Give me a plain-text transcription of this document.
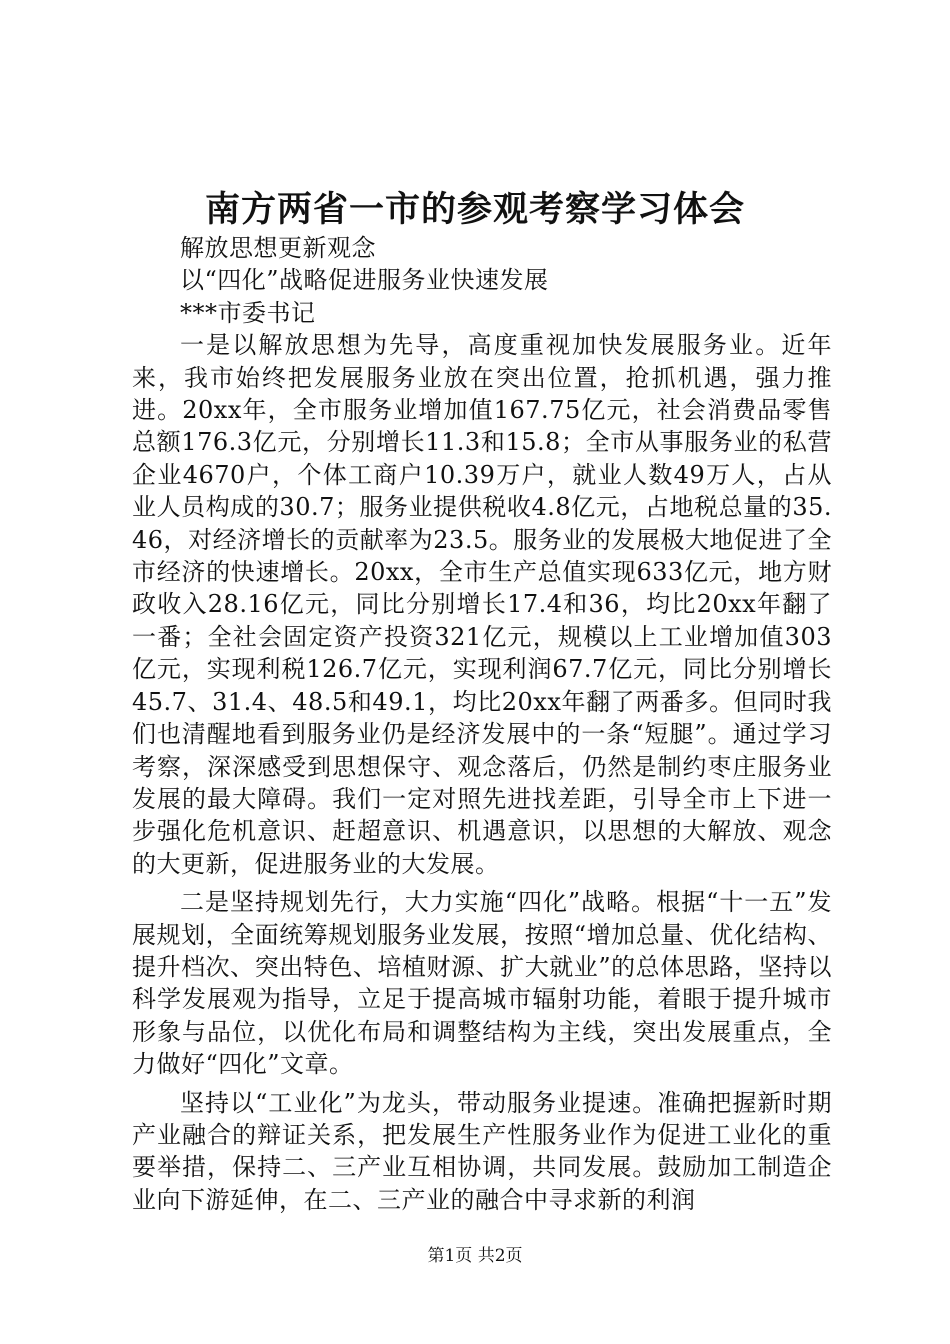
南方两省一市的参观考察学习体会

解放思想更新观念

以“四化”战略促进服务业快速发展

***市委书记

一是以解放思想为先导，高度重视加快发展服务业。近年来，我市始终把发展服务业放在突出位置，抢抓机遇，强力推进。20xx年，全市服务业增加值167.75亿元，社会消费品零售总额176.3亿元，分别增长11.3和15.8；全市从事服务业的私营企业4670户，个体工商户10.39万户，就业人数49万人，占从业人员构成的30.7；服务业提供税收4.8亿元，占地税总量的35.46，对经济增长的贡献率为23.5。服务业的发展极大地促进了全市经济的快速增长。20xx，全市生产总值实现633亿元，地方财政收入28.16亿元，同比分别增长17.4和36，均比20xx年翻了一番；全社会固定资产投资321亿元，规模以上工业增加值303亿元，实现利税126.7亿元，实现利润67.7亿元，同比分别增长45.7、31.4、48.5和49.1，均比20xx年翻了两番多。但同时我们也清醒地看到服务业仍是经济发展中的一条“短腿”。通过学习考察，深深感受到思想保守、观念落后，仍然是制约枣庄服务业发展的最大障碍。我们一定对照先进找差距，引导全市上下进一步强化危机意识、赶超意识、机遇意识，以思想的大解放、观念的大更新，促进服务业的大发展。

二是坚持规划先行，大力实施“四化”战略。根据“十一五”发展规划，全面统筹规划服务业发展，按照“增加总量、优化结构、提升档次、突出特色、培植财源、扩大就业”的总体思路，坚持以科学发展观为指导，立足于提高城市辐射功能，着眼于提升城市形象与品位，以优化布局和调整结构为主线，突出发展重点，全力做好“四化”文章。

坚持以“工业化”为龙头，带动服务业提速。准确把握新时期产业融合的辩证关系，把发展生产性服务业作为促进工业化的重要举措，保持二、三产业互相协调，共同发展。鼓励加工制造企业向下游延伸，在二、三产业的融合中寻求新的利润

第1页 共2页
